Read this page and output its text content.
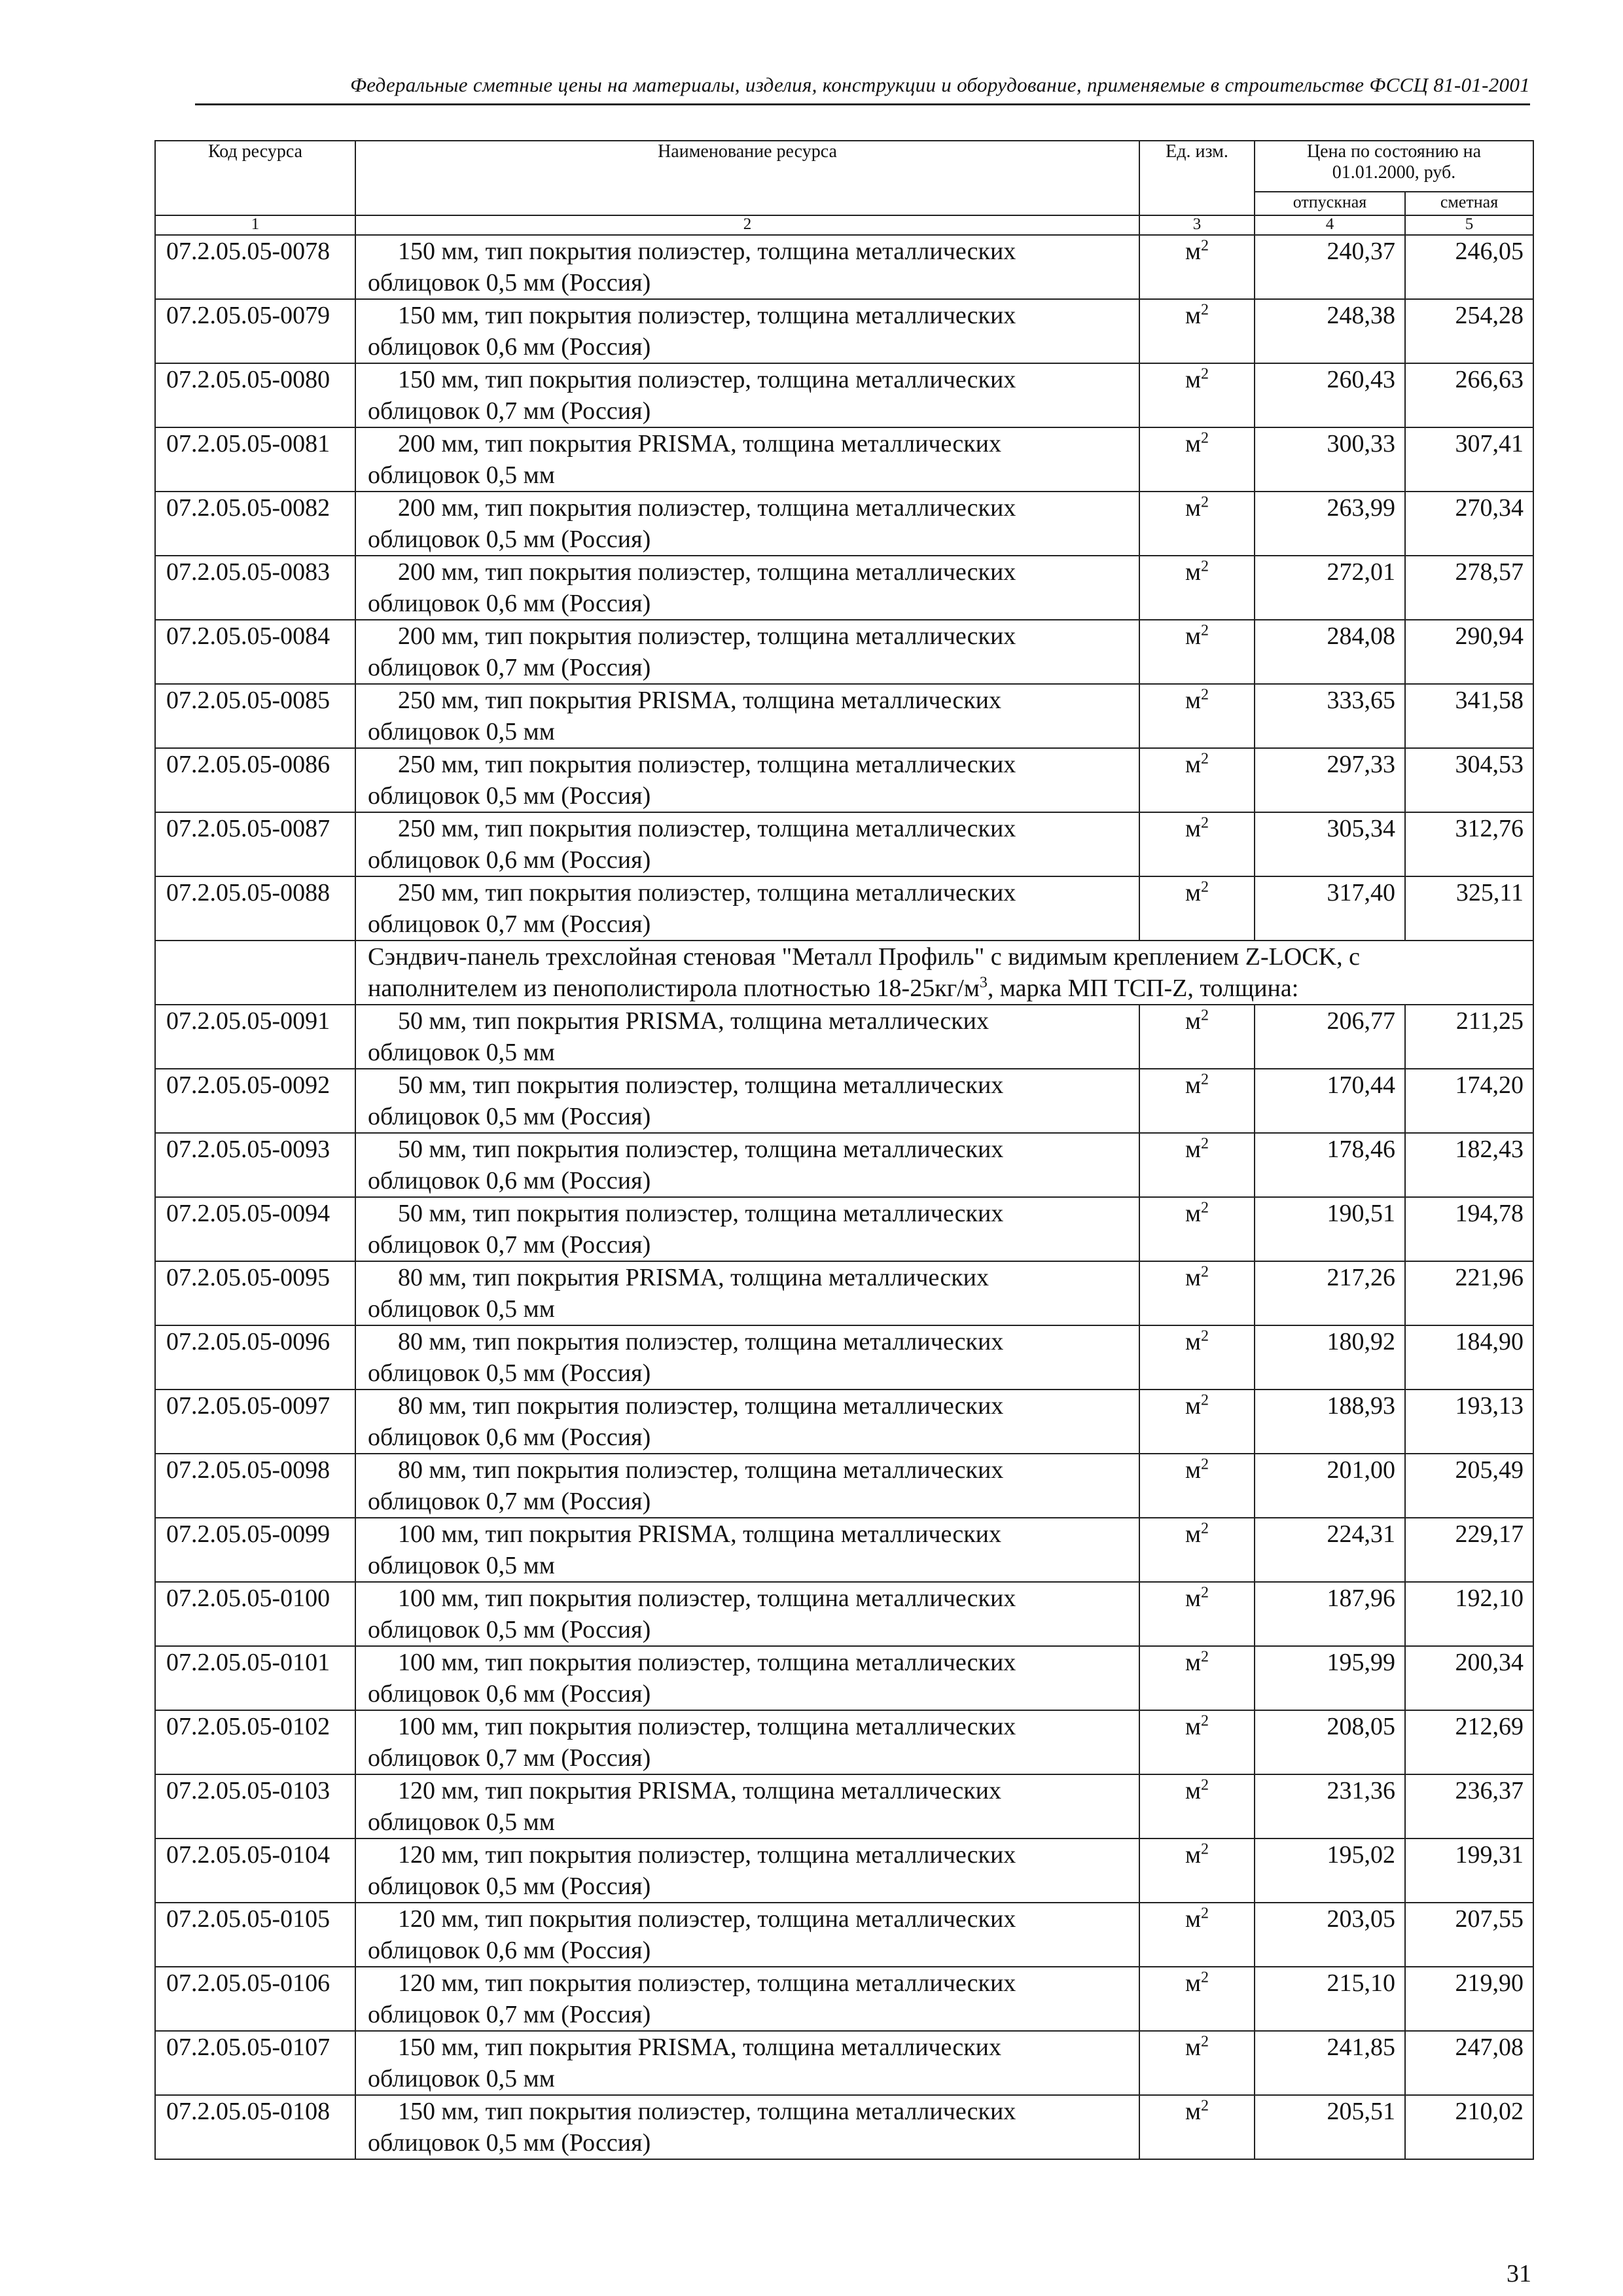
Федеральные сметные цены на материалы, изделия, конструкции и оборудование, применяемые в строительстве ФССЦ 81-01-2001
Код ресурса	Наименование ресурса	Ед. изм.	Цена по состоянию на 01.01.2000, руб.	
			отпускная	сметная
1	2	3	4	5
07.2.05.05-0078	150 мм, тип покрытия полиэстер, толщина металлических
облицовок 0,5 мм (Россия)	$м^2$	240,37	246,05
07.2.05.05-0079	150 мм, тип покрытия полиэстер, толщина металлических
облицовок 0,6 мм (Россия)	$м^2$	248,38	254,28
07.2.05.05-0080	150 мм, тип покрытия полиэстер, толщина металлических
облицовок 0,7 мм (Россия)	$м^2$	260,43	266,63
07.2.05.05-0081	200 мм, тип покрытия PRISMA, толщина металлических
облицовок 0,5 мм	$м^2$	300,33	307,41
07.2.05.05-0082	200 мм, тип покрытия полиэстер, толщина металлических
облицовок 0,5 мм (Россия)	$м^2$	263,99	270,34
07.2.05.05-0083	200 мм, тип покрытия полиэстер, толщина металлических
облицовок 0,6 мм (Россия)	$м^2$	272,01	278,57
07.2.05.05-0084	200 мм, тип покрытия полиэстер, толщина металлических
облицовок 0,7 мм (Россия)	$м^2$	284,08	290,94
07.2.05.05-0085	250 мм, тип покрытия PRISMA, толщина металлических
облицовок 0,5 мм	$м^2$	333,65	341,58
07.2.05.05-0086	250 мм, тип покрытия полиэстер, толщина металлических
облицовок 0,5 мм (Россия)	$м^2$	297,33	304,53
07.2.05.05-0087	250 мм, тип покрытия полиэстер, толщина металлических
облицовок 0,6 мм (Россия)	$м^2$	305,34	312,76
07.2.05.05-0088	250 мм, тип покрытия полиэстер, толщина металлических
облицовок 0,7 мм (Россия)	$м^2$	317,40	325,11
	Сэндвич-панель трехслойная стеновая "Металл Профиль" с видимым креплением Z-LOCK, с
наполнителем из пенополистирола плотностью $18-25кг/м^3$, марка МП ТСП-Z, толщина:			
07.2.05.05-0091	50 мм, тип покрытия PRISMA, толщина металлических
облицовок 0,5 мм	$м^2$	206,77	211,25
07.2.05.05-0092	50 мм, тип покрытия полиэстер, толщина металлических
облицовок 0,5 мм (Россия)	$м^2$	170,44	174,20
07.2.05.05-0093	50 мм, тип покрытия полиэстер, толщина металлических
облицовок 0,6 мм (Россия)	$м^2$	178,46	182,43
07.2.05.05-0094	50 мм, тип покрытия полиэстер, толщина металлических
облицовок 0,7 мм (Россия)	$м^2$	190,51	194,78
07.2.05.05-0095	80 мм, тип покрытия PRISMA, толщина металлических
облицовок 0,5 мм	$м^2$	217,26	221,96
07.2.05.05-0096	80 мм, тип покрытия полиэстер, толщина металлических
облицовок 0,5 мм (Россия)	$м^2$	180,92	184,90
07.2.05.05-0097	80 мм, тип покрытия полиэстер, толщина металлических
облицовок 0,6 мм (Россия)	$м^2$	188,93	193,13
07.2.05.05-0098	80 мм, тип покрытия полиэстер, толщина металлических
облицовок 0,7 мм (Россия)	$м^2$	201,00	205,49
07.2.05.05-0099	100 мм, тип покрытия PRISMA, толщина металлических
облицовок 0,5 мм	$м^2$	224,31	229,17
07.2.05.05-0100	100 мм, тип покрытия полиэстер, толщина металлических
облицовок 0,5 мм (Россия)	$м^2$	187,96	192,10
07.2.05.05-0101	100 мм, тип покрытия полиэстер, толщина металлических
облицовок 0,6 мм (Россия)	$м^2$	195,99	200,34
07.2.05.05-0102	100 мм, тип покрытия полиэстер, толщина металлических
облицовок 0,7 мм (Россия)	$м^2$	208,05	212,69
07.2.05.05-0103	120 мм, тип покрытия PRISMA, толщина металлических
облицовок 0,5 мм	$м^2$	231,36	236,37
07.2.05.05-0104	120 мм, тип покрытия полиэстер, толщина металлических
облицовок 0,5 мм (Россия)	$м^2$	195,02	199,31
07.2.05.05-0105	120 мм, тип покрытия полиэстер, толщина металлических
облицовок 0,6 мм (Россия)	$м^2$	203,05	207,55
07.2.05.05-0106	120 мм, тип покрытия полиэстер, толщина металлических
облицовок 0,7 мм (Россия)	$м^2$	215,10	219,90
07.2.05.05-0107	150 мм, тип покрытия PRISMA, толщина металлических
облицовок 0,5 мм	$м^2$	241,85	247,08
07.2.05.05-0108	150 мм, тип покрытия полиэстер, толщина металлических
облицовок 0,5 мм (Россия)	$м^2$	205,51	210,02
31
